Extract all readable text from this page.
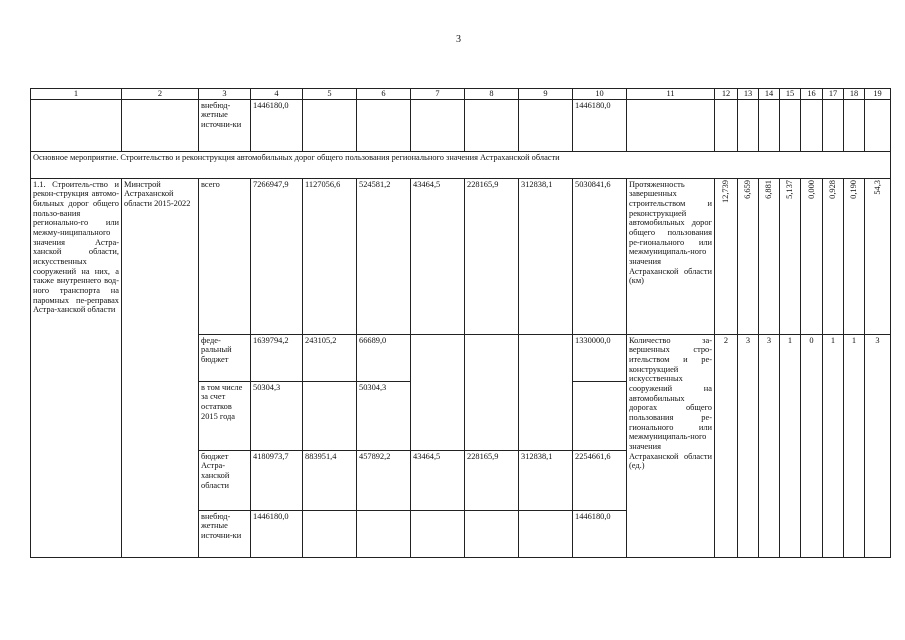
3
1	2	3	4	5	6	7	8	9	10	11	12	13	14	15	16	17	18	19
		внебюд-жетные источни-ки	1446180,0						1446180,0									
Основное мероприятие. Строительство и реконструкция автомобильных дорог общего пользования регионального значения Астраханской области																		
1.1. Строитель-ство и рекон-струкция автомо-бильных дорог общего пользо-вания регионально-го или межму-ниципального значения Астра-ханской области, искусственных сооружений на них, а также внутреннего вод-ного транспорта на паромных пе-реправах Астра-ханской области	Минстрой Астраханской области 2015-2022	всего	7266947,9	1127056,6	524581,2	43464,5	228165,9	312838,1	5030841,6	Протяженность завершенных строительством и реконструкцией автомобильных дорог общего пользования ре-гионального или межмуниципаль-ного значения Астраханской области (км)	12,739	6,659	6,881	5,137	0,000	0,928	0,190	54,3
		феде-ральный бюджет	1639794,2	243105,2	66689,0				1330000,0	Количество за-вершенных стро-ительством и ре-конструкцией искусственных сооружений на автомобильных дорогах общего пользования ре-гионального или межмуниципаль-ного значения Астраханской области (ед.)	2	3	3	1	0	1	1	3
		в том числе за счет остатков 2015 года	50304,3		50304,3													
		бюджет Астра-ханской области	4180973,7	883951,4	457892,2	43464,5	228165,9	312838,1	2254661,6									
		внебюд-жетные источни-ки	1446180,0						1446180,0									
